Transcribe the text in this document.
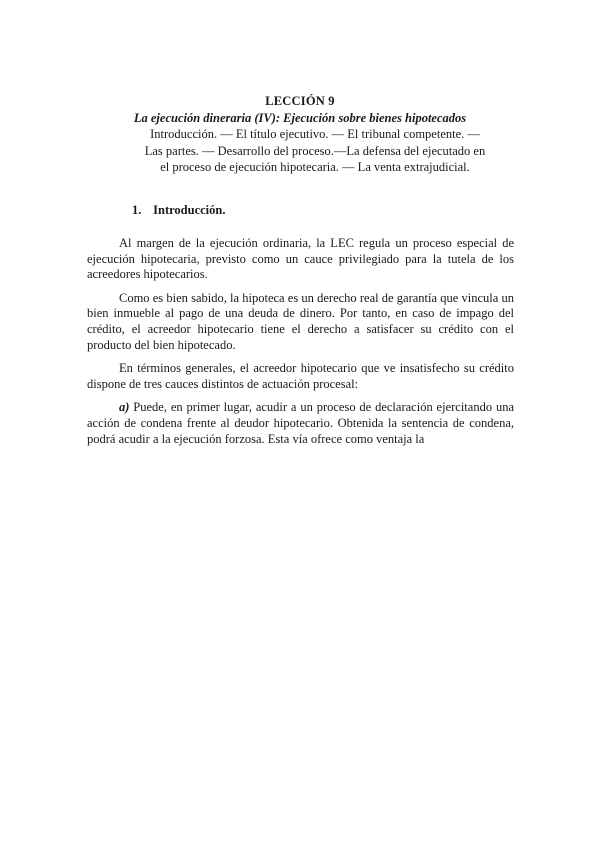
LECCIÓN 9
La ejecución dineraria (IV): Ejecución sobre bienes hipotecados
Introducción. — El título ejecutivo. — El tribunal competente. — Las partes. — Desarrollo del proceso.—La defensa del ejecutado en el proceso de ejecución hipotecaria. — La venta extrajudicial.
1. Introducción.

Al margen de la ejecución ordinaria, la LEC regula un proceso especial de ejecución hipotecaria, previsto como un cauce privilegiado para la tutela de los acreedores hipotecarios.

Como es bien sabido, la hipoteca es un derecho real de garantía que vincula un bien inmueble al pago de una deuda de dinero. Por tanto, en caso de impago del crédito, el acreedor hipotecario tiene el derecho a satisfacer su crédito con el producto del bien hipotecado.

En términos generales, el acreedor hipotecario que ve insatisfecho su crédito dispone de tres cauces distintos de actuación procesal:

a) Puede, en primer lugar, acudir a un proceso de declaración ejercitando una acción de condena frente al deudor hipotecario. Obtenida la sentencia de condena, podrá acudir a la ejecución forzosa. Esta vía ofrece como ventaja la
